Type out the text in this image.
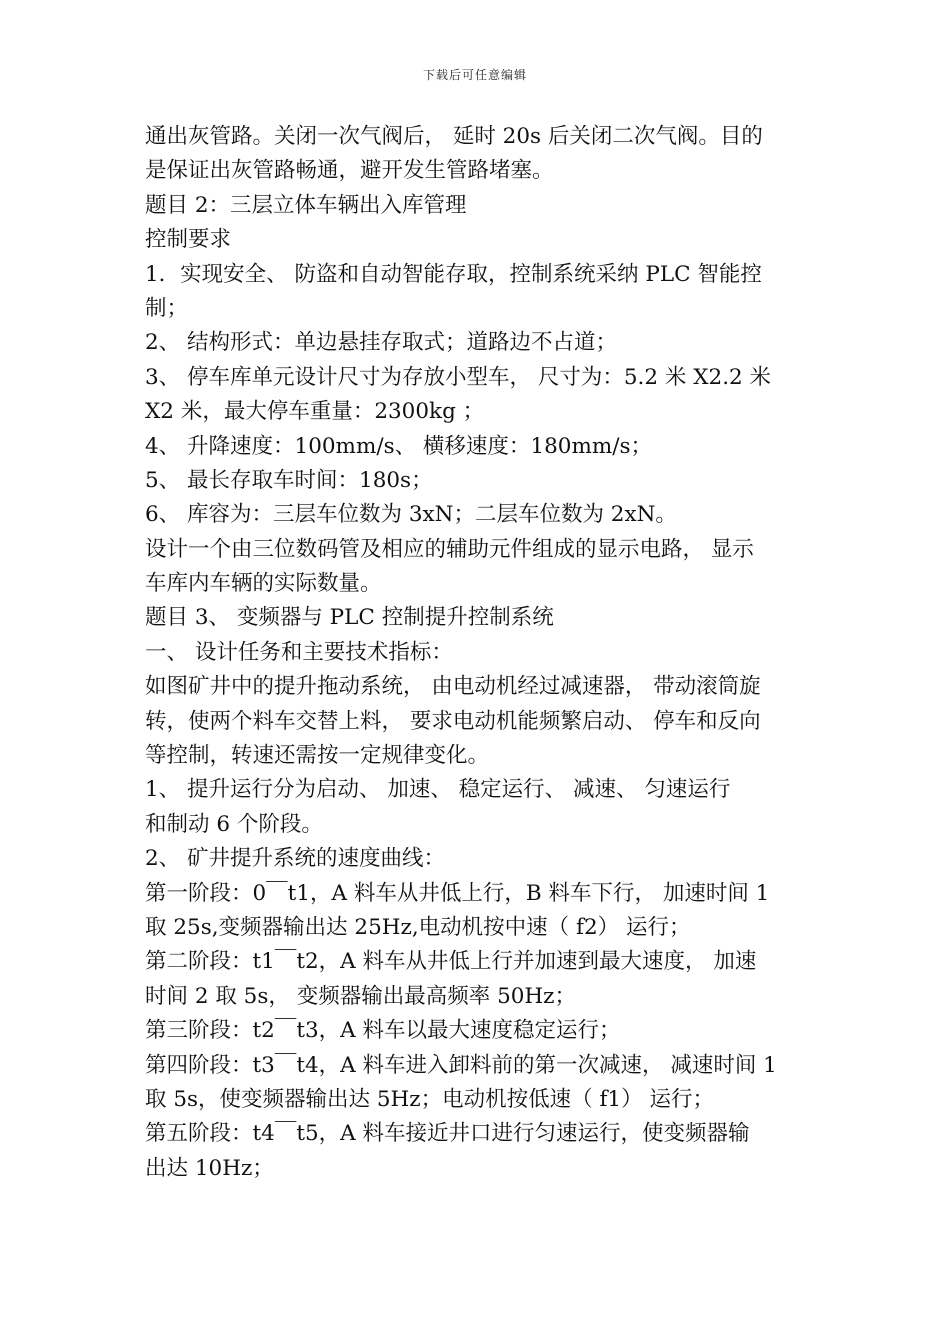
下载后可任意编辑
通出灰管路。关闭一次气阀后， 延时 20s 后关闭二次气阀。目的
是保证出灰管路畅通，避开发生管路堵塞。
题目 2：三层立体车辆出入库管理
控制要求
1．实现安全、 防盗和自动智能存取，控制系统采纳 PLC 智能控
制；
2、 结构形式：单边悬挂存取式；道路边不占道；
3、 停车库单元设计尺寸为存放小型车， 尺寸为：5.2 米 X2.2 米
X2 米，最大停车重量：2300kg ；
4、 升降速度：100mm/s、 横移速度：180mm/s；
5、 最长存取车时间：180s；
6、 库容为：三层车位数为 3xN；二层车位数为 2xN。
设计一个由三位数码管及相应的辅助元件组成的显示电路， 显示
车库内车辆的实际数量。
题目 3、 变频器与 PLC 控制提升控制系统
一、 设计任务和主要技术指标：
如图矿井中的提升拖动系统， 由电动机经过减速器， 带动滚筒旋
转，使两个料车交替上料， 要求电动机能频繁启动、 停车和反向
等控制，转速还需按一定规律变化。
1、 提升运行分为启动、 加速、 稳定运行、 减速、 匀速运行
和制动 6 个阶段。
2、 矿井提升系统的速度曲线：
第一阶段：0￣t1，A 料车从井低上行，B 料车下行， 加速时间 1
取 25s,变频器输出达 25Hz,电动机按中速（ f2） 运行；
第二阶段：t1￣t2，A 料车从井低上行并加速到最大速度， 加速
时间 2 取 5s， 变频器输出最高频率 50Hz；
第三阶段：t2￣t3，A 料车以最大速度稳定运行；
第四阶段：t3￣t4，A 料车进入卸料前的第一次减速， 减速时间 1
取 5s，使变频器输出达 5Hz；电动机按低速（ f1） 运行；
第五阶段：t4￣t5，A 料车接近井口进行匀速运行，使变频器输
出达 10Hz；
